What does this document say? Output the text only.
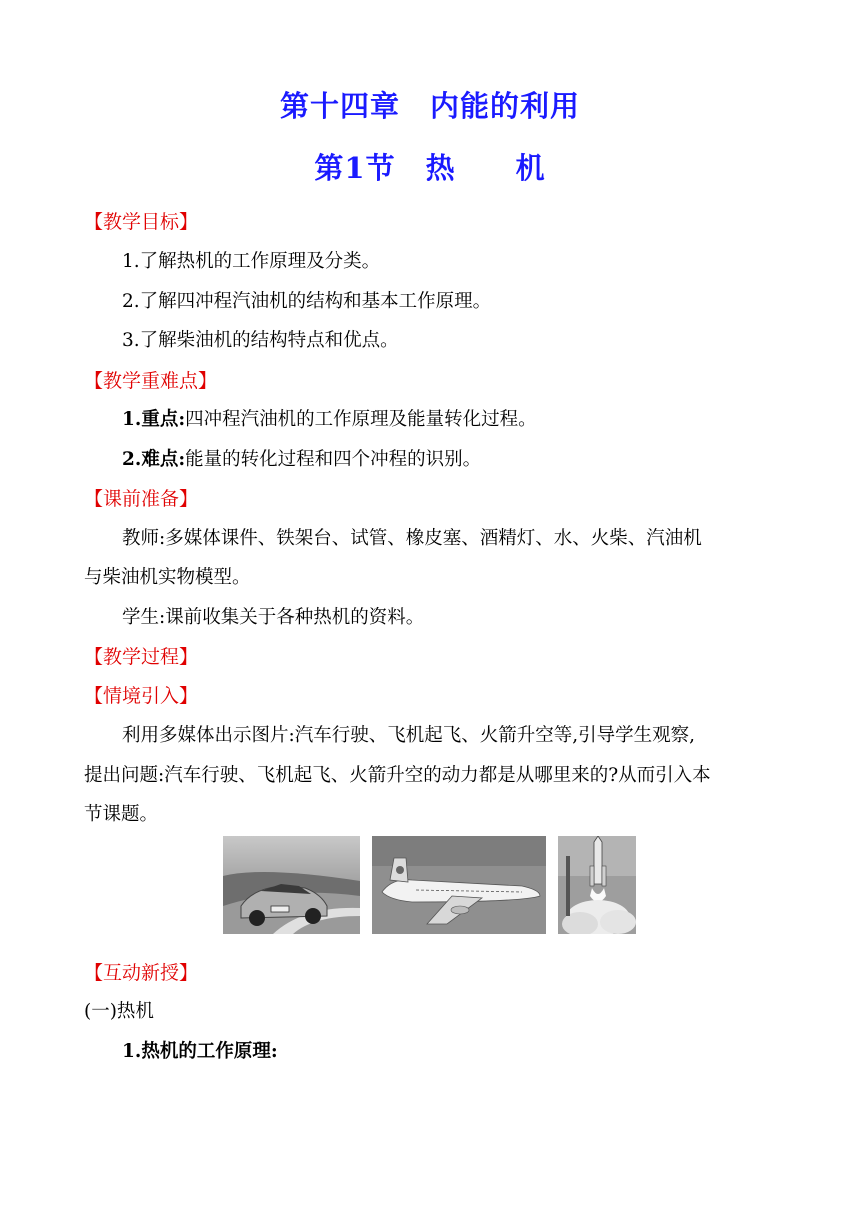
第十四章　内能的利用
第1节　热　　机
【教学目标】
1.了解热机的工作原理及分类。
2.了解四冲程汽油机的结构和基本工作原理。
3.了解柴油机的结构特点和优点。
【教学重难点】
1.重点:四冲程汽油机的工作原理及能量转化过程。
2.难点:能量的转化过程和四个冲程的识别。
【课前准备】
教师:多媒体课件、铁架台、试管、橡皮塞、酒精灯、水、火柴、汽油机
与柴油机实物模型。
学生:课前收集关于各种热机的资料。
【教学过程】
【情境引入】
利用多媒体出示图片:汽车行驶、飞机起飞、火箭升空等,引导学生观察,
提出问题:汽车行驶、飞机起飞、火箭升空的动力都是从哪里来的?从而引入本
节课题。
【互动新授】
(一)热机
1.热机的工作原理:
